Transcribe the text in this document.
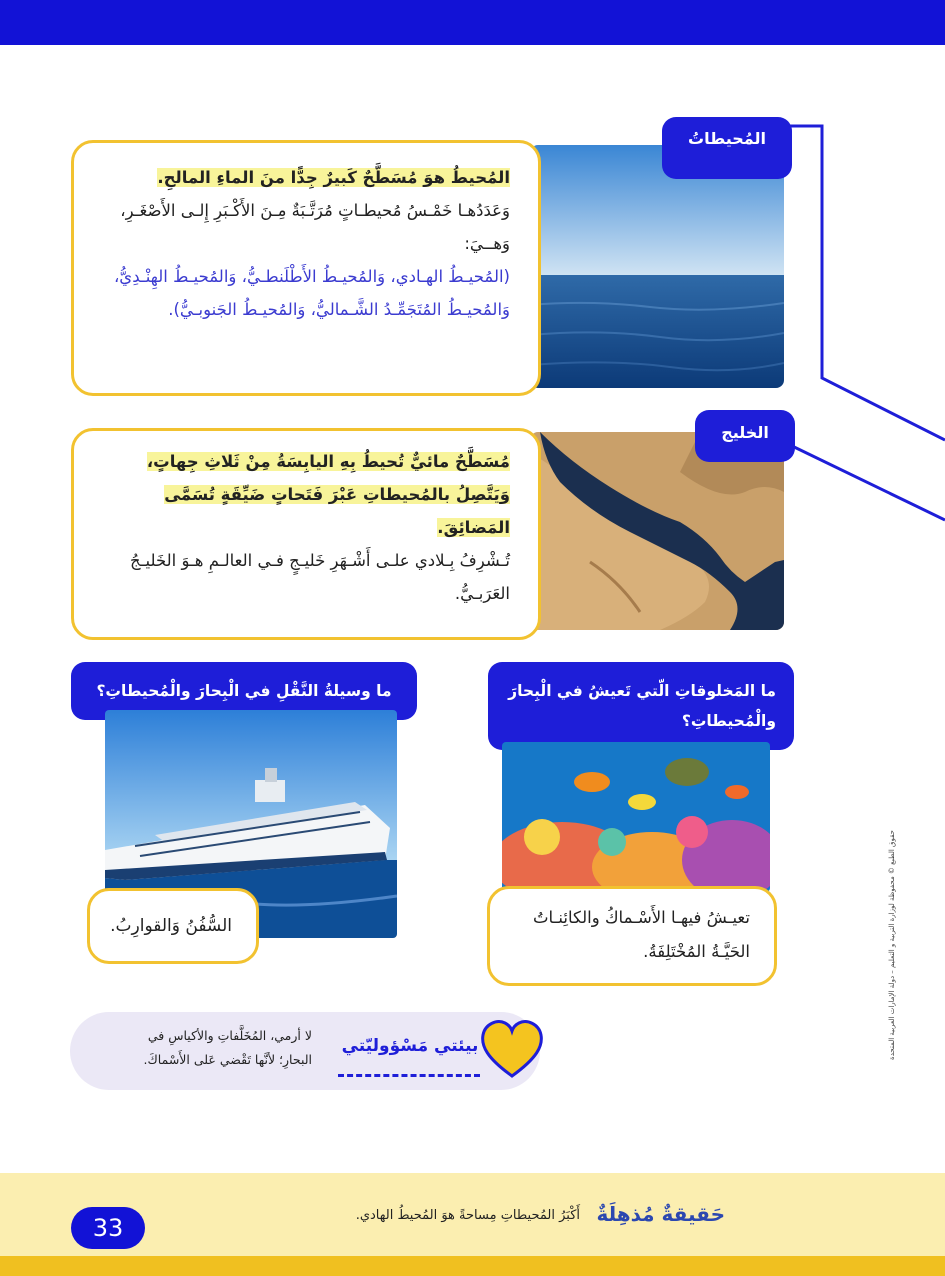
المُحيطاتُ
المُحيطُ هوَ مُسَطَّحٌ كَبيرٌ جِدًّا منَ الماءِ المالحِ.
وَعَدَدُهـا خَمْـسُ مُحيطـاتٍ مُرَتَّـبَةٌ مِـنَ الأَكْـبَرِ إِلـى الأَصْغَـرِ، وَهــيَ:
(المُحيـطُ الهـادي، وَالمُحيـطُ الأَطْلَنطـيُّ، وَالمُحيـطُ الهِنْـدِيُّ، وَالمُحيـطُ المُتَجَمِّـدُ الشَّـماليُّ، وَالمُحيـطُ الجَنوبـيُّ).
الخليج
مُسَطَّحٌ مائيٌّ تُحيطُ بِهِ اليابِسَةُ مِنْ ثَلاثِ جِهاتٍ، وَيَتَّصِلُ بالمُحيطاتِ عَبْرَ فَتَحاتٍ ضَيِّقَةٍ تُسَمَّى المَضائِقَ.
تُـشْرِفُ بِـلادي علـى أَشْـهَرِ خَليـجٍ فـي العالـمِ هـوَ الخَليـجُ العَرَبـيُّ.
ما وسيلةُ النَّقْلِ في الْبِحارَ والْمُحيطاتِ؟
السُّفُنُ وَالقوارِبُ.
ما المَخلوقاتِ الّتي تَعيشُ في الْبِحارَ والْمُحيطاتِ؟
تعيـشُ فيهـا الأَسْـماكُ والكائِنـاتُ الحَيَّـةُ المُخْتَلِفَةُ.
لا أرمي، المُخَلَّفاتِ والأكياسِ في البحارِ؛ لأنَّها تَقْضي عَلى الأَسْماكَ.
بيئتي مَسْؤوليّتي	حقوق الطبع © محفوظة لوزارة التربية و التعليم – دولة الإمارات العربية المتحدة
حَقيقةٌ مُذهِلَةٌ
أَكْبَرُ المُحيطاتِ مِساحةً هوَ المُحيطُ الهادي.
33
